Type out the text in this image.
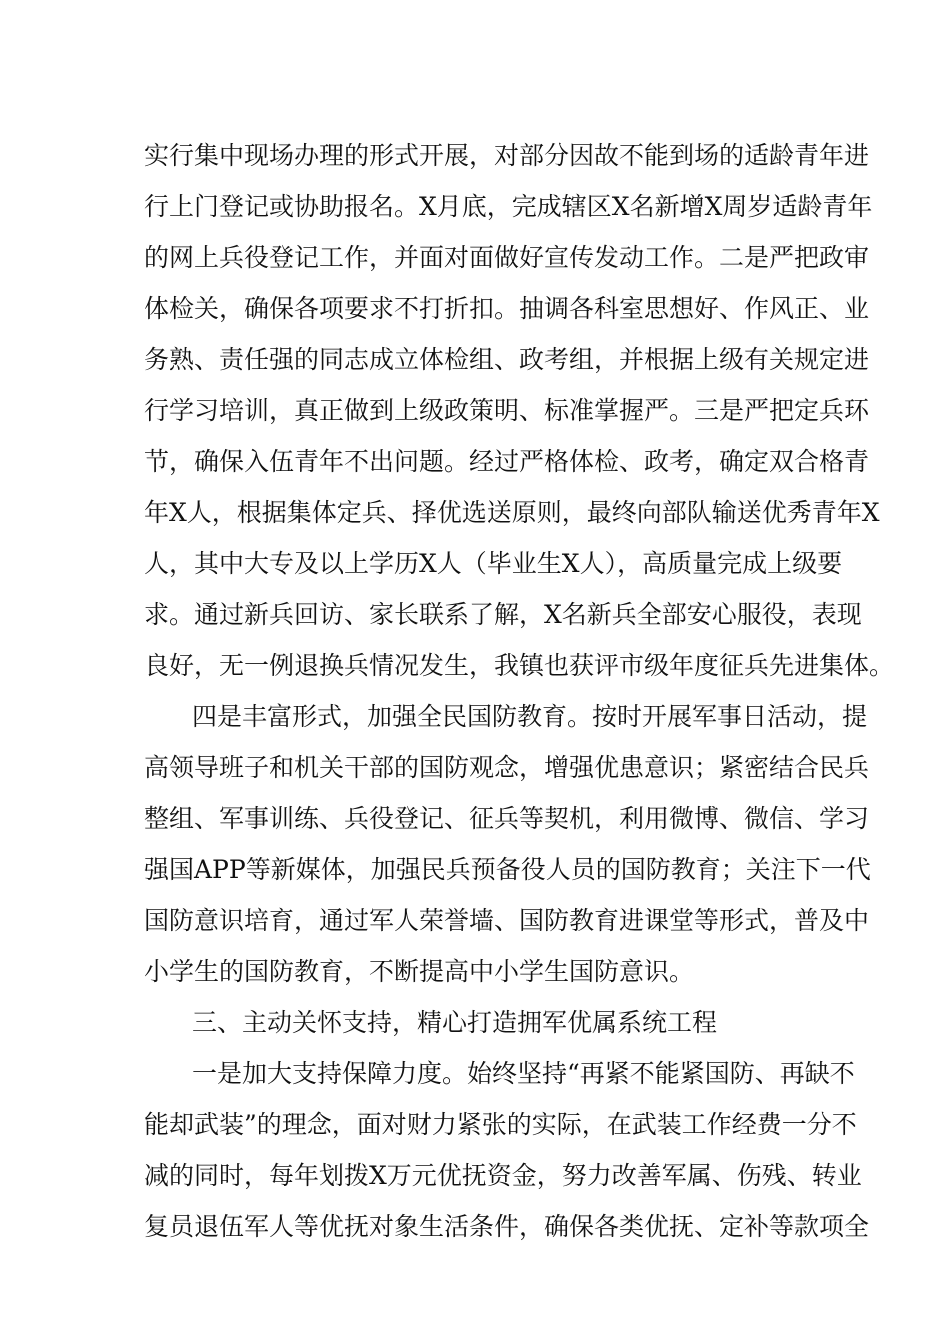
实行集中现场办理的形式开展，对部分因故不能到场的适龄青年进
行上门登记或协助报名。X月底，完成辖区X名新增X周岁适龄青年
的网上兵役登记工作，并面对面做好宣传发动工作。二是严把政审
体检关，确保各项要求不打折扣。抽调各科室思想好、作风正、业
务熟、责任强的同志成立体检组、政考组，并根据上级有关规定进
行学习培训，真正做到上级政策明、标准掌握严。三是严把定兵环
节，确保入伍青年不出问题。经过严格体检、政考，确定双合格青
年X人，根据集体定兵、择优选送原则，最终向部队输送优秀青年X
人，其中大专及以上学历X人（毕业生X人），高质量完成上级要
求。通过新兵回访、家长联系了解，X名新兵全部安心服役，表现
良好，无一例退换兵情况发生，我镇也获评市级年度征兵先进集体。
四是丰富形式，加强全民国防教育。按时开展军事日活动，提
高领导班子和机关干部的国防观念，增强优患意识；紧密结合民兵
整组、军事训练、兵役登记、征兵等契机，利用微博、微信、学习
强国APP等新媒体，加强民兵预备役人员的国防教育；关注下一代
国防意识培育，通过军人荣誉墙、国防教育进课堂等形式，普及中
小学生的国防教育，不断提高中小学生国防意识。
三、主动关怀支持，精心打造拥军优属系统工程
一是加大支持保障力度。始终坚持“再紧不能紧国防、再缺不
能却武装”的理念，面对财力紧张的实际，在武装工作经费一分不
减的同时，每年划拨X万元优抚资金，努力改善军属、伤残、转业
复员退伍军人等优抚对象生活条件，确保各类优抚、定补等款项全
